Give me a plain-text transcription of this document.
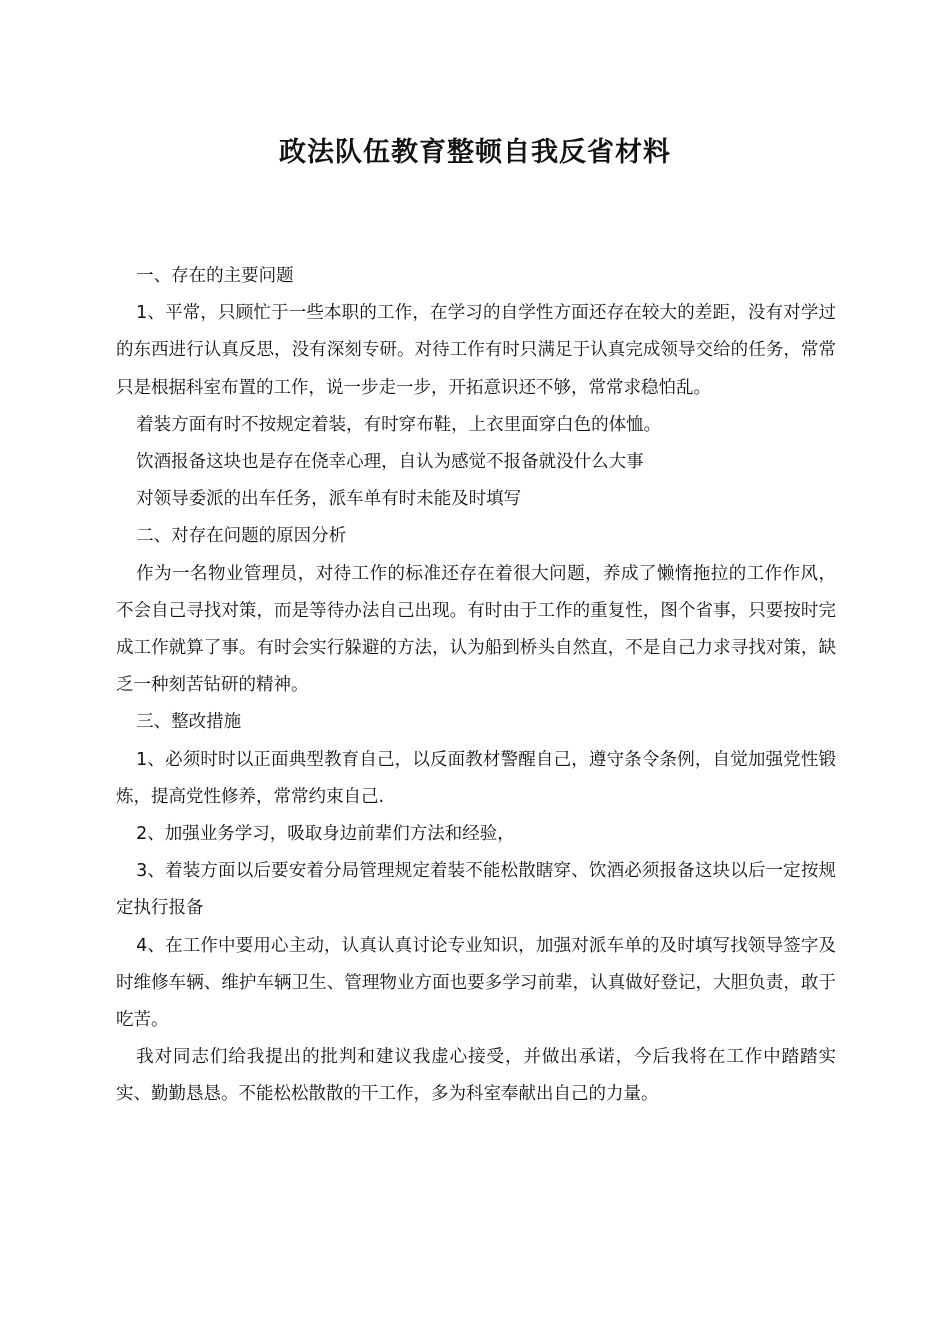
政法队伍教育整顿自我反省材料

一、存在的主要问题

1、平常，只顾忙于一些本职的工作，在学习的自学性方面还存在较大的差距，没有对学过的东西进行认真反思，没有深刻专研。对待工作有时只满足于认真完成领导交给的任务，常常只是根据科室布置的工作，说一步走一步，开拓意识还不够，常常求稳怕乱。

着装方面有时不按规定着装，有时穿布鞋，上衣里面穿白色的体恤。

饮酒报备这块也是存在侥幸心理，自认为感觉不报备就没什么大事

对领导委派的出车任务，派车单有时未能及时填写

二、对存在问题的原因分析

作为一名物业管理员，对待工作的标准还存在着很大问题，养成了懒惰拖拉的工作作风，不会自己寻找对策，而是等待办法自己出现。有时由于工作的重复性，图个省事，只要按时完成工作就算了事。有时会实行躲避的方法，认为船到桥头自然直，不是自己力求寻找对策，缺乏一种刻苦钻研的精神。

三、整改措施

1、必须时时以正面典型教育自己，以反面教材警醒自己，遵守条令条例，自觉加强党性锻炼，提高党性修养，常常约束自己.

2、加强业务学习，吸取身边前辈们方法和经验，

3、着装方面以后要安着分局管理规定着装不能松散瞎穿、饮酒必须报备这块以后一定按规定执行报备

4、在工作中要用心主动，认真认真讨论专业知识，加强对派车单的及时填写找领导签字及时维修车辆、维护车辆卫生、管理物业方面也要多学习前辈，认真做好登记，大胆负责，敢于吃苦。

我对同志们给我提出的批判和建议我虚心接受，并做出承诺，今后我将在工作中踏踏实实、勤勤恳恳。不能松松散散的干工作，多为科室奉献出自己的力量。
